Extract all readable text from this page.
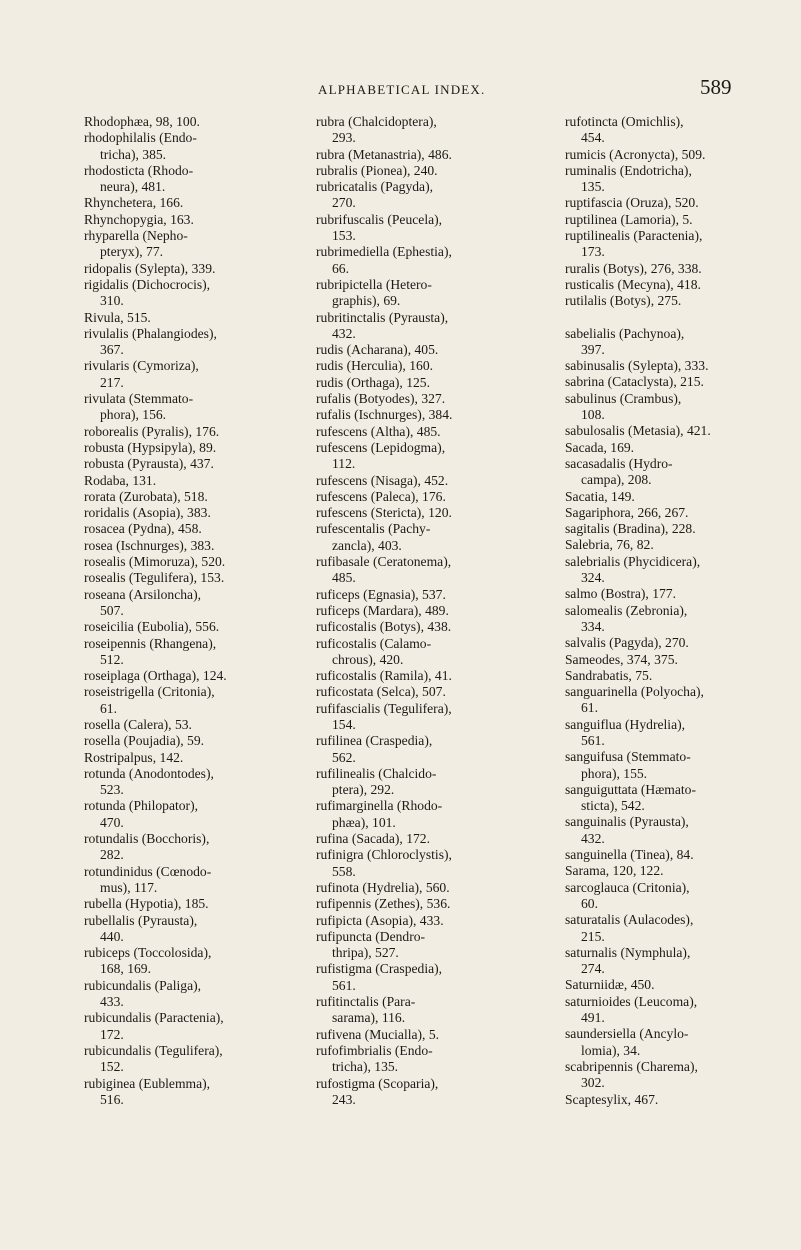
ALPHABETICAL INDEX.	589
Rhodophæa, 98, 100.
rhodophilalis (Endo-
tricha), 385.
rhodosticta (Rhodo-
neura), 481.
Rhynchetera, 166.
Rhynchopygia, 163.
rhyparella (Nepho-
pteryx), 77.
ridopalis (Sylepta), 339.
rigidalis (Dichocrocis),
310.
Rivula, 515.
rivulalis (Phalangiodes),
367.
rivularis (Cymoriza),
217.
rivulata (Stemmato-
phora), 156.
roborealis (Pyralis), 176.
robusta (Hypsipyla), 89.
robusta (Pyrausta), 437.
Rodaba, 131.
rorata (Zurobata), 518.
roridalis (Asopia), 383.
rosacea (Pydna), 458.
rosea (Ischnurges), 383.
rosealis (Mimoruza), 520.
rosealis (Tegulifera), 153.
roseana (Arsiloncha),
507.
roseicilia (Eubolia), 556.
roseipennis (Rhangena),
512.
roseiplaga (Orthaga), 124.
roseistrigella (Critonia),
61.
rosella (Calera), 53.
rosella (Poujadia), 59.
Rostripalpus, 142.
rotunda (Anodontodes),
523.
rotunda (Philopator),
470.
rotundalis (Bocchoris),
282.
rotundinidus (Cœnodo-
mus), 117.
rubella (Hypotia), 185.
rubellalis (Pyrausta),
440.
rubiceps (Toccolosida),
168, 169.
rubicundalis (Paliga),
433.
rubicundalis (Paractenia),
172.
rubicundalis (Tegulifera),
152.
rubiginea (Eublemma),
516.
rubra (Chalcidoptera),
293.
rubra (Metanastria), 486.
rubralis (Pionea), 240.
rubricatalis (Pagyda),
270.
rubrifuscalis (Peucela),
153.
rubrimediella (Ephestia),
66.
rubripictella (Hetero-
graphis), 69.
rubritinctalis (Pyrausta),
432.
rudis (Acharana), 405.
rudis (Herculia), 160.
rudis (Orthaga), 125.
rufalis (Botyodes), 327.
rufalis (Ischnurges), 384.
rufescens (Altha), 485.
rufescens (Lepidogma),
112.
rufescens (Nisaga), 452.
rufescens (Paleca), 176.
rufescens (Stericta), 120.
rufescentalis (Pachy-
zancla), 403.
rufibasale (Ceratonema),
485.
ruficeps (Egnasia), 537.
ruficeps (Mardara), 489.
ruficostalis (Botys), 438.
ruficostalis (Calamo-
chrous), 420.
ruficostalis (Ramila), 41.
ruficostata (Selca), 507.
rufifascialis (Tegulifera),
154.
rufilinea (Craspedia),
562.
rufilinealis (Chalcido-
ptera), 292.
rufimarginella (Rhodo-
phæa), 101.
rufina (Sacada), 172.
rufinigra (Chloroclystis),
558.
rufinota (Hydrelia), 560.
rufipennis (Zethes), 536.
rufipicta (Asopia), 433.
rufipuncta (Dendro-
thripa), 527.
rufistigma (Craspedia),
561.
rufitinctalis (Para-
sarama), 116.
rufivena (Mucialla), 5.
rufofimbrialis (Endo-
tricha), 135.
rufostigma (Scoparia),
243.
rufotincta (Omichlis),
454.
rumicis (Acronycta), 509.
ruminalis (Endotricha),
135.
ruptifascia (Oruza), 520.
ruptilinea (Lamoria), 5.
ruptilinealis (Paractenia),
173.
ruralis (Botys), 276, 338.
rusticalis (Mecyna), 418.
rutilalis (Botys), 275.
sabelialis (Pachynoa),
397.
sabinusalis (Sylepta), 333.
sabrina (Cataclysta), 215.
sabulinus (Crambus),
108.
sabulosalis (Metasia), 421.
Sacada, 169.
sacasadalis (Hydro-
campa), 208.
Sacatia, 149.
Sagariphora, 266, 267.
sagitalis (Bradina), 228.
Salebria, 76, 82.
salebrialis (Phycidicera),
324.
salmo (Bostra), 177.
salomealis (Zebronia),
334.
salvalis (Pagyda), 270.
Sameodes, 374, 375.
Sandrabatis, 75.
sanguarinella (Polyocha),
61.
sanguiflua (Hydrelia),
561.
sanguifusa (Stemmato-
phora), 155.
sanguiguttata (Hæmato-
sticta), 542.
sanguinalis (Pyrausta),
432.
sanguinella (Tinea), 84.
Sarama, 120, 122.
sarcoglauca (Critonia),
60.
saturatalis (Aulacodes),
215.
saturnalis (Nymphula),
274.
Saturniidæ, 450.
saturnioides (Leucoma),
491.
saundersiella (Ancylo-
lomia), 34.
scabripennis (Charema),
302.
Scaptesylix, 467.
